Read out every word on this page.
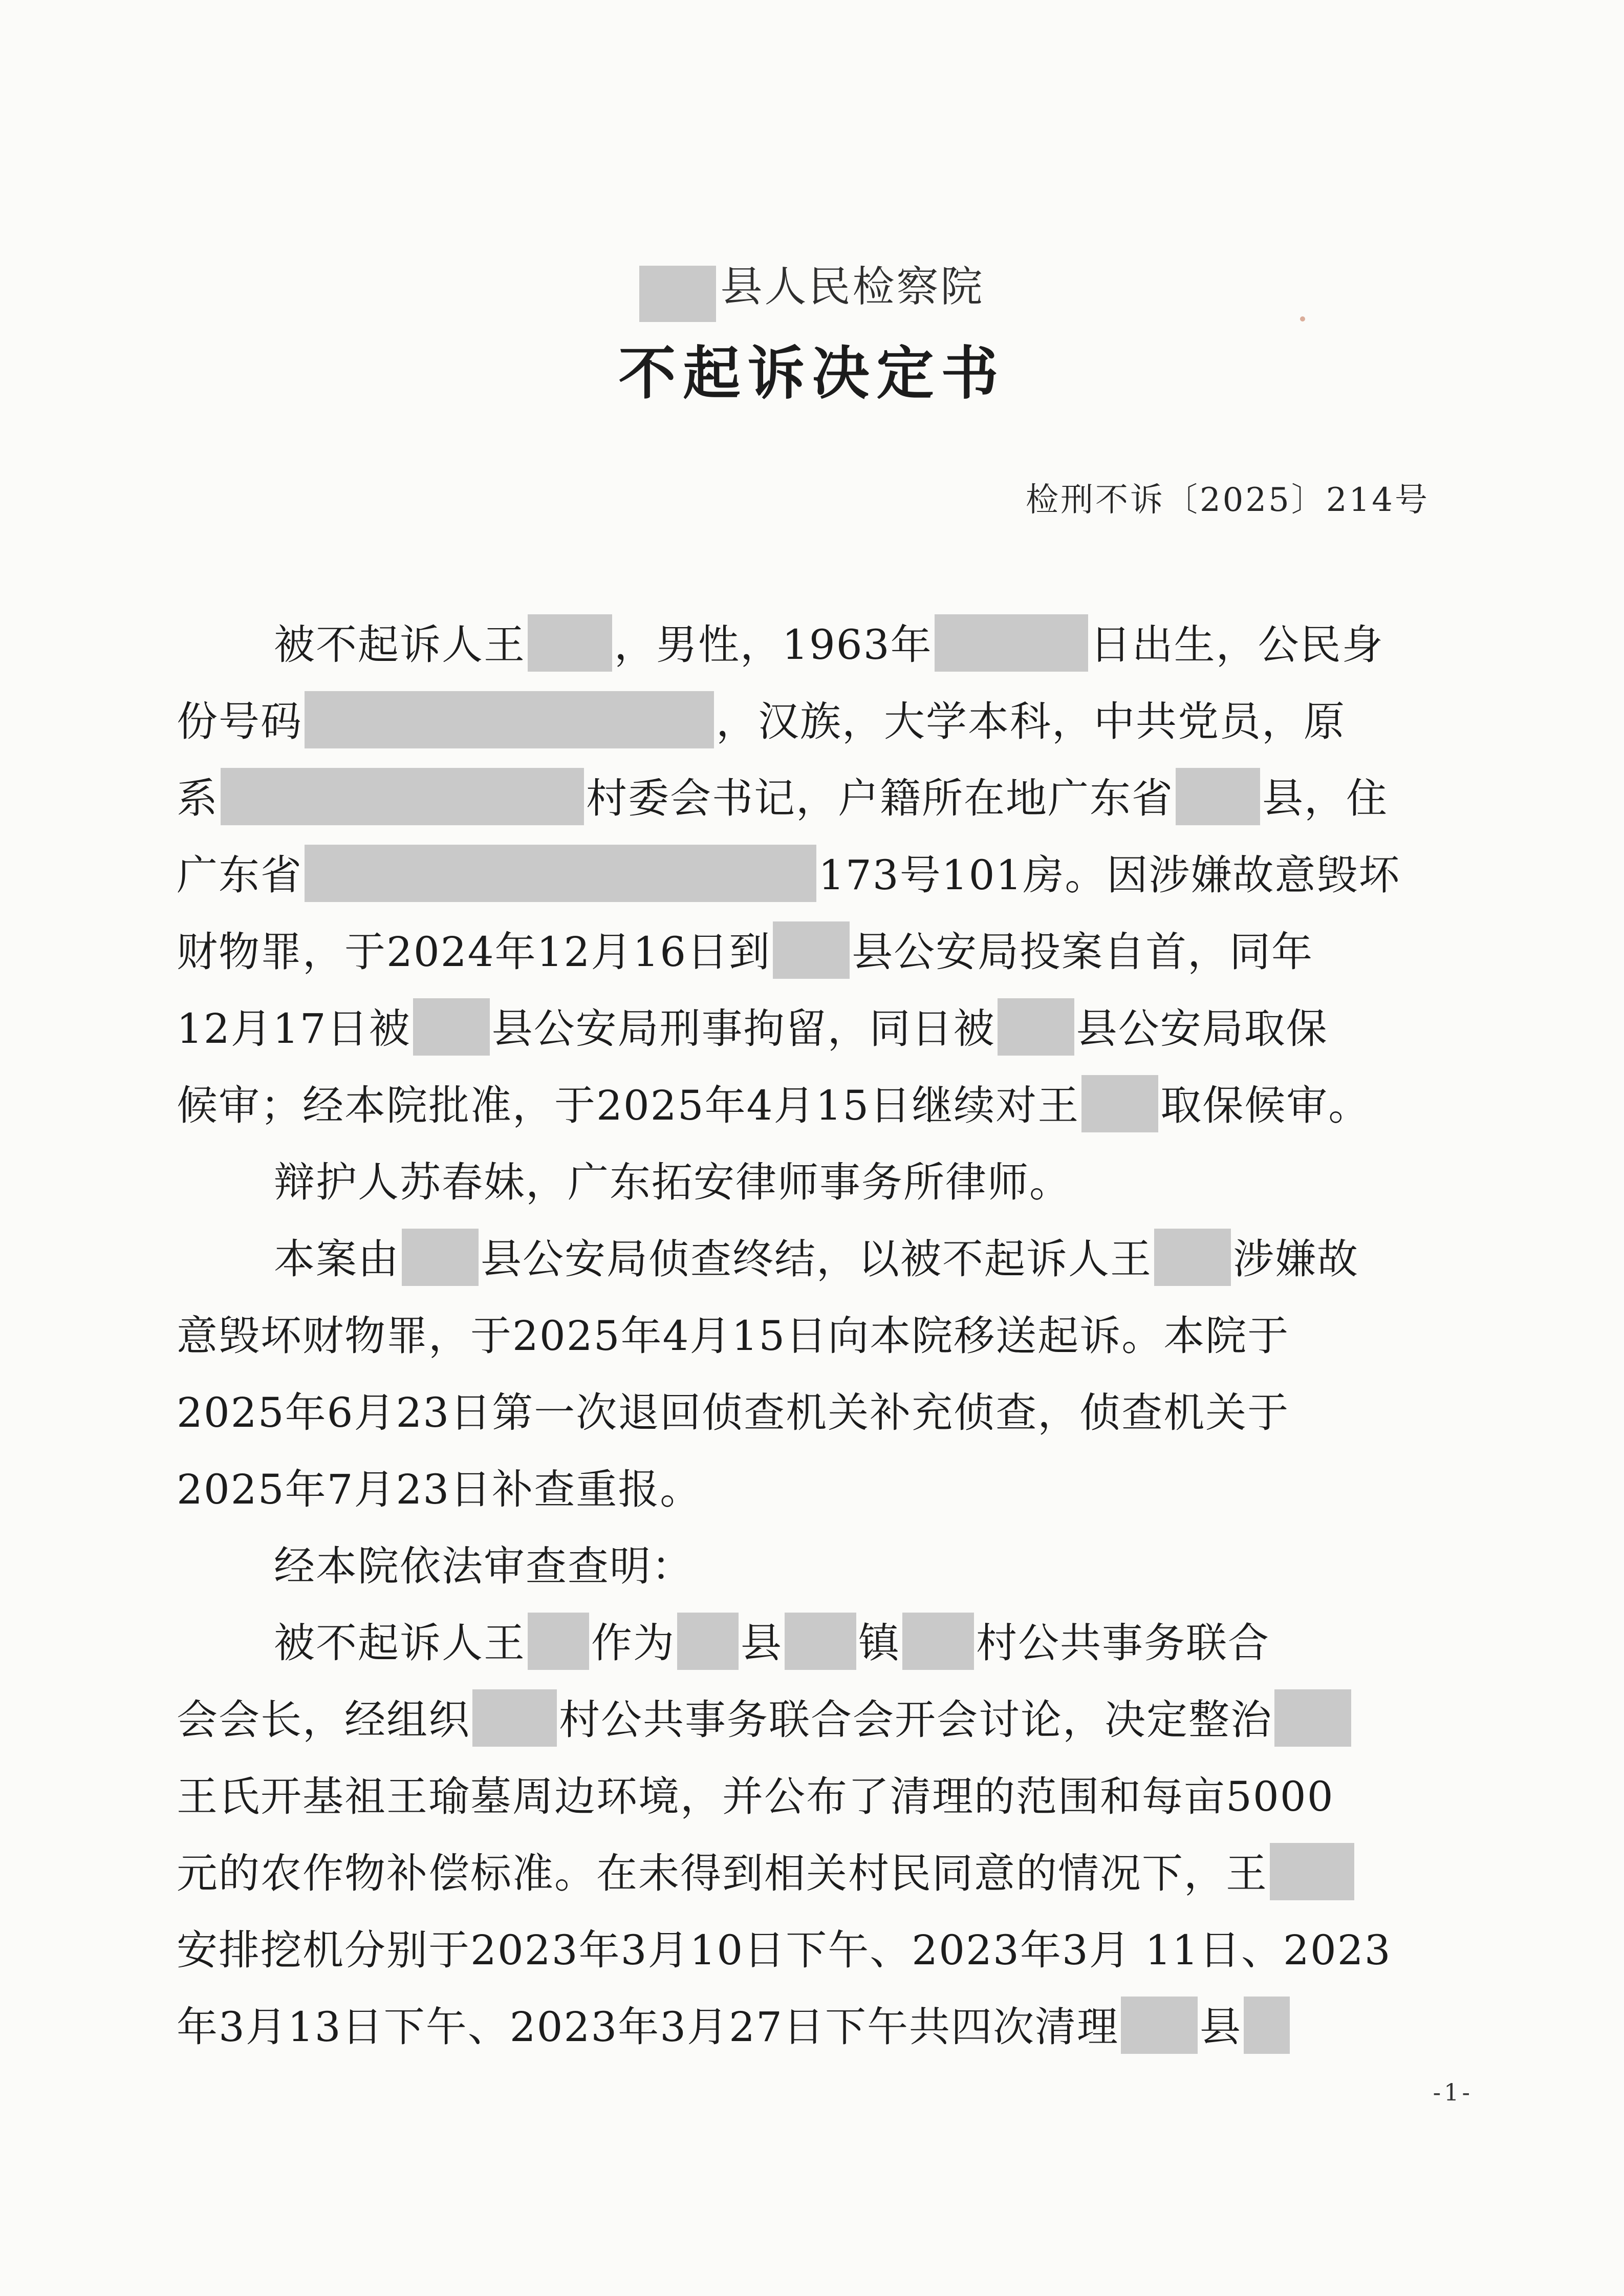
县人民检察院
不起诉决定书
检刑不诉〔2025〕214号
被不起诉人王 ，男性，1963年	日出生，公民身
份号码	，汉族，大学本科，中共党员，原
系	村委会书记，户籍所在地广东省 县，住
广东省	173号101房。因涉嫌故意毁坏
财物罪，于2024年12月16日到 县公安局投案自首，同年
12月17日被 县公安局刑事拘留，同日被 县公安局取保
候审；经本院批准，于2025年4月15日继续对王 取保候审。
辩护人苏春妹，广东拓安律师事务所律师。
本案由 县公安局侦查终结，以被不起诉人王 涉嫌故
意毁坏财物罪，于2025年4月15日向本院移送起诉。本院于
2025年6月23日第一次退回侦查机关补充侦查，侦查机关于
2025年7月23日补查重报。
经本院依法审查查明：
被不起诉人王 作为 县 镇 村公共事务联合
会会长，经组织 村公共事务联合会开会讨论，决定整治
王氏开基祖王瑜墓周边环境，并公布了清理的范围和每亩5000
元的农作物补偿标准。在未得到相关村民同意的情况下，王
安排挖机分别于2023年3月10日下午、2023年3月 11日、2023
年3月13日下午、2023年3月27日下午共四次清理 县
-1-
